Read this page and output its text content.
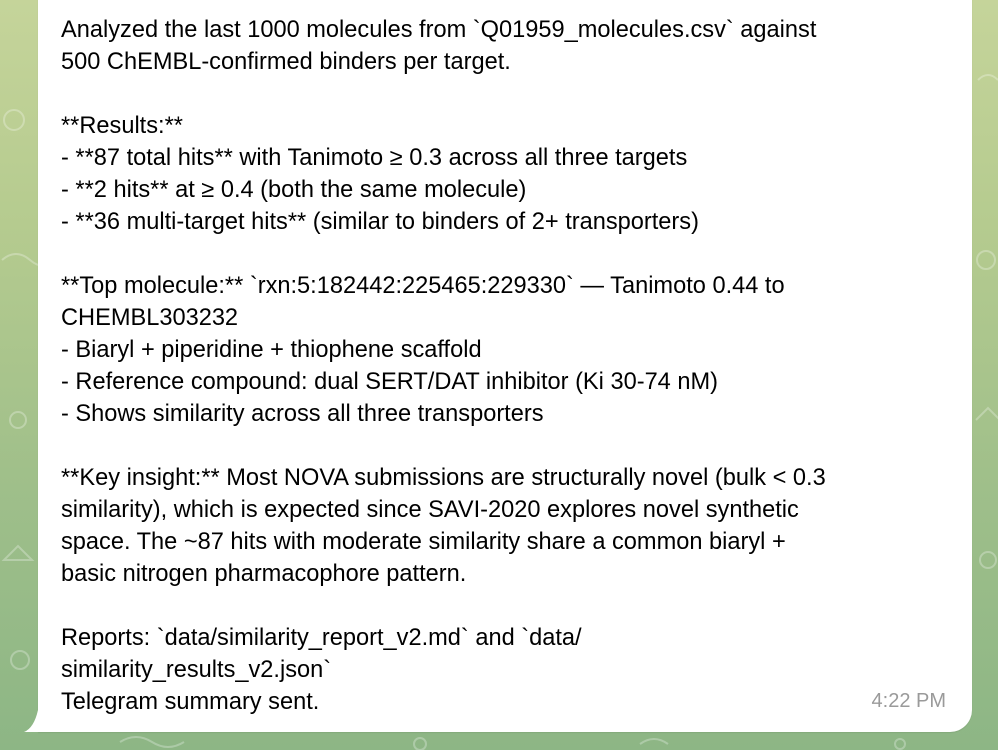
Analyzed the last 1000 molecules from `Q01959_molecules.csv` against
500 ChEMBL-confirmed binders per target.

**Results:**
- **87 total hits** with Tanimoto ≥ 0.3 across all three targets
- **2 hits** at ≥ 0.4 (both the same molecule)
- **36 multi-target hits** (similar to binders of 2+ transporters)

**Top molecule:** `rxn:5:182442:225465:229330` — Tanimoto 0.44 to
CHEMBL303232
- Biaryl + piperidine + thiophene scaffold
- Reference compound: dual SERT/DAT inhibitor (Ki 30-74 nM)
- Shows similarity across all three transporters

**Key insight:** Most NOVA submissions are structurally novel (bulk < 0.3
similarity), which is expected since SAVI-2020 explores novel synthetic
space. The ~87 hits with moderate similarity share a common biaryl +
basic nitrogen pharmacophore pattern.

Reports: `data/similarity_report_v2.md` and `data/
similarity_results_v2.json`
Telegram summary sent.	4:22 PM
